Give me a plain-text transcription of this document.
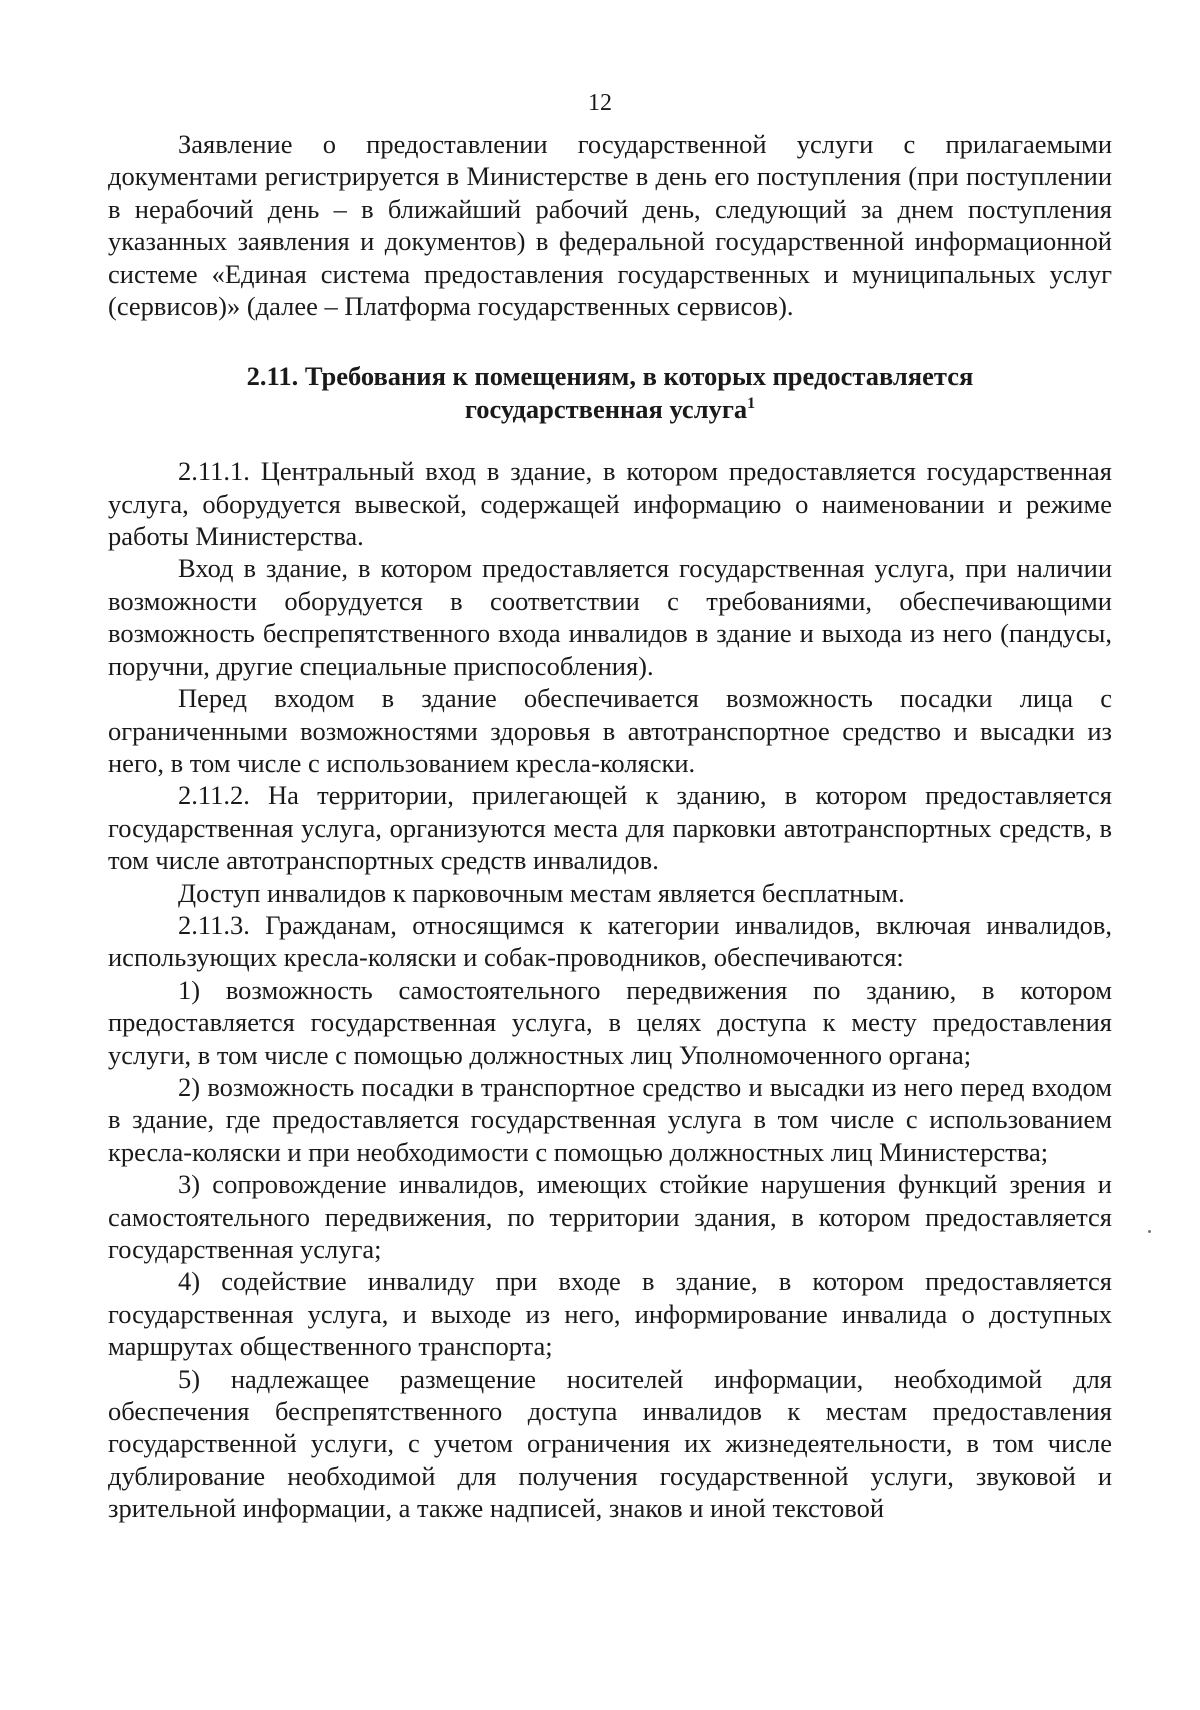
12

Заявление о предоставлении государственной услуги с прилагаемыми документами регистрируется в Министерстве в день его поступления (при поступлении в нерабочий день – в ближайший рабочий день, следующий за днем поступления указанных заявления и документов) в федеральной государственной информационной системе «Единая система предоставления государственных и муниципальных услуг (сервисов)» (далее – Платформа государственных сервисов).

2.11. Требования к помещениям, в которых предоставляется государственная услуга$^1$

2.11.1. Центральный вход в здание, в котором предоставляется государственная услуга, оборудуется вывеской, содержащей информацию о наименовании и режиме работы Министерства.

Вход в здание, в котором предоставляется государственная услуга, при наличии возможности оборудуется в соответствии с требованиями, обеспечивающими возможность беспрепятственного входа инвалидов в здание и выхода из него (пандусы, поручни, другие специальные приспособления).

Перед входом в здание обеспечивается возможность посадки лица с ограниченными возможностями здоровья в автотранспортное средство и высадки из него, в том числе с использованием кресла-коляски.

2.11.2. На территории, прилегающей к зданию, в котором предоставляется государственная услуга, организуются места для парковки автотранспортных средств, в том числе автотранспортных средств инвалидов.

Доступ инвалидов к парковочным местам является бесплатным.

2.11.3. Гражданам, относящимся к категории инвалидов, включая инвалидов, использующих кресла-коляски и собак-проводников, обеспечиваются:

1) возможность самостоятельного передвижения по зданию, в котором предоставляется государственная услуга, в целях доступа к месту предоставления услуги, в том числе с помощью должностных лиц Уполномоченного органа;

2) возможность посадки в транспортное средство и высадки из него перед входом в здание, где предоставляется государственная услуга в том числе с использованием кресла-коляски и при необходимости с помощью должностных лиц Министерства;

3) сопровождение инвалидов, имеющих стойкие нарушения функций зрения и самостоятельного передвижения, по территории здания, в котором предоставляется государственная услуга;

4) содействие инвалиду при входе в здание, в котором предоставляется государственная услуга, и выходе из него, информирование инвалида о доступных маршрутах общественного транспорта;

5) надлежащее размещение носителей информации, необходимой для обеспечения беспрепятственного доступа инвалидов к местам предоставления государственной услуги, с учетом ограничения их жизнедеятельности, в том числе дублирование необходимой для получения государственной услуги, звуковой и зрительной информации, а также надписей, знаков и иной текстовой
